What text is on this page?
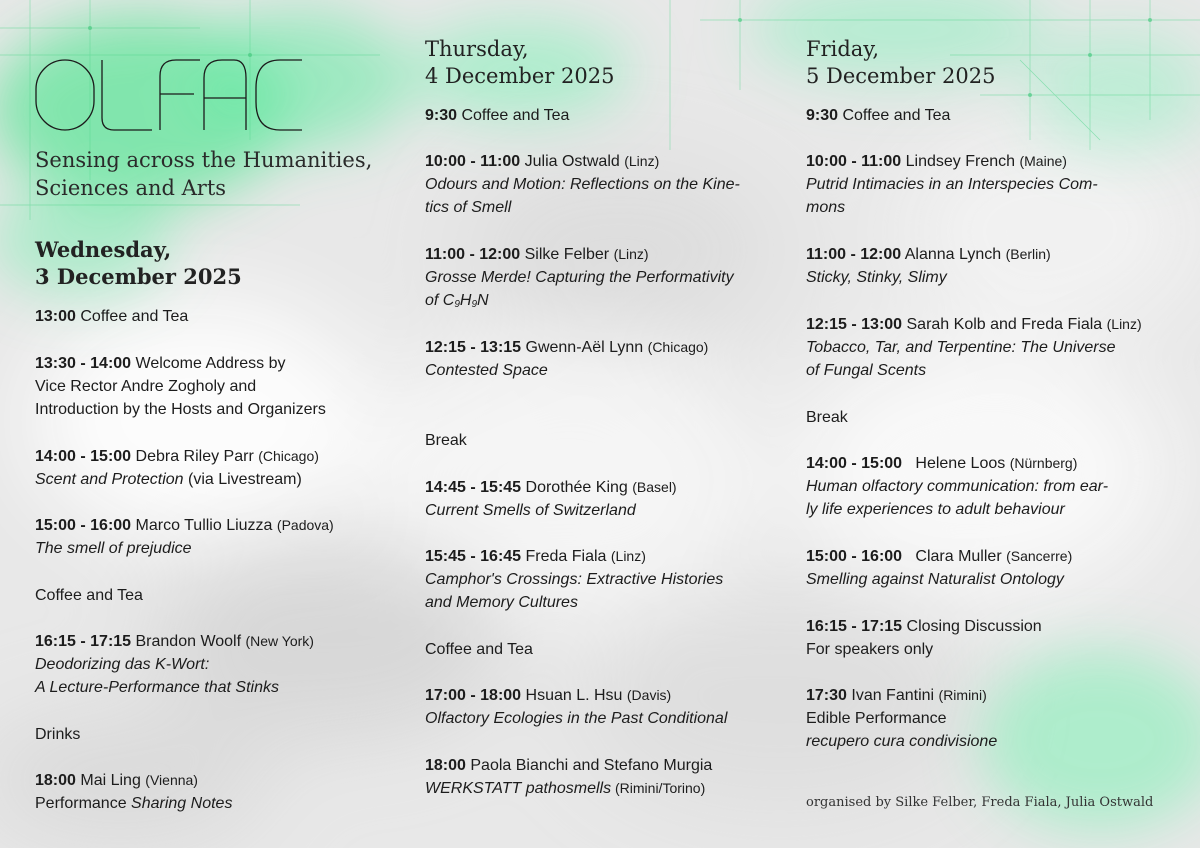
Sensing across the Humanities,
Sciences and Arts
Wednesday,
3 December 2025

13:00 Coffee and Tea

13:30 - 14:00 Welcome Address by

Vice Rector Andre Zogholy and

Introduction by the Hosts and Organizers

14:00 - 15:00 Debra Riley Parr (Chicago)

Scent and Protection (via Livestream)

15:00 - 16:00 Marco Tullio Liuzza (Padova)

The smell of prejudice

Coffee and Tea

16:15 - 17:15 Brandon Woolf (New York)

Deodorizing das K-Wort:

A Lecture-Performance that Stinks

Drinks

18:00 Mai Ling (Vienna)

Performance Sharing Notes

Thursday,
4 December 2025

9:30 Coffee and Tea

10:00 - 11:00 Julia Ostwald (Linz)

Odours and Motion: Reflections on the Kine-

tics of Smell

11:00 - 12:00 Silke Felber (Linz)

Grosse Merde! Capturing the Performativity

of $C_9H_9N$

12:15 - 13:15 Gwenn-Aël Lynn (Chicago)

Contested Space

Break

14:45 - 15:45 Dorothée King (Basel)

Current Smells of Switzerland

15:45 - 16:45 Freda Fiala (Linz)

Camphor's Crossings: Extractive Histories

and Memory Cultures

Coffee and Tea

17:00 - 18:00 Hsuan L. Hsu (Davis)

Olfactory Ecologies in the Past Conditional

18:00 Paola Bianchi and Stefano Murgia

WERKSTATT pathosmells (Rimini/Torino)

Friday,
5 December 2025

9:30 Coffee and Tea

10:00 - 11:00 Lindsey French (Maine)

Putrid Intimacies in an Interspecies Com-

mons

11:00 - 12:00 Alanna Lynch (Berlin)

Sticky, Stinky, Slimy

12:15 - 13:00 Sarah Kolb and Freda Fiala (Linz)

Tobacco, Tar, and Terpentine: The Universe

of Fungal Scents

Break

14:00 - 15:00   Helene Loos (Nürnberg)

Human olfactory communication: from ear-

ly life experiences to adult behaviour

15:00 - 16:00   Clara Muller (Sancerre)

Smelling against Naturalist Ontology

16:15 - 17:15 Closing Discussion

For speakers only

17:30 Ivan Fantini (Rimini)

Edible Performance

recupero cura condivisione

organised by Silke Felber, Freda Fiala, Julia Ostwald
